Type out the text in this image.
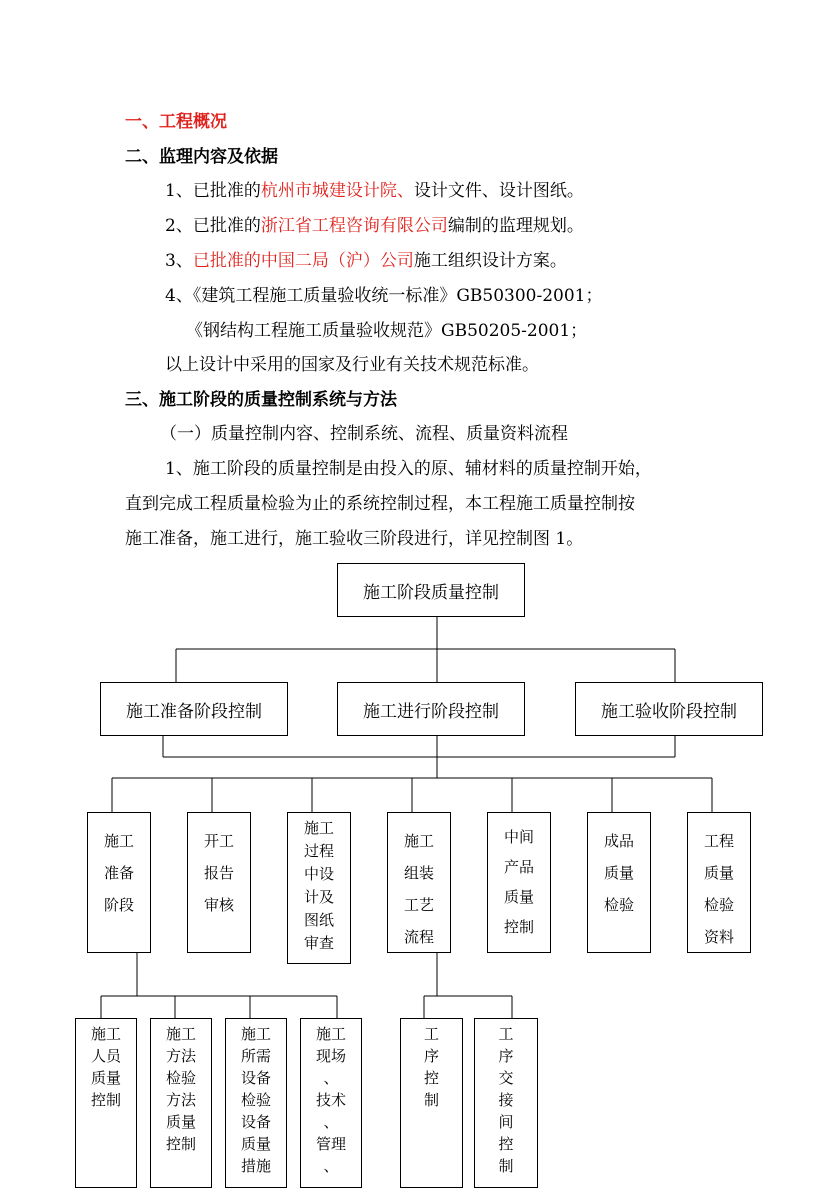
一、工程概况
二、监理内容及依据
1、已批准的杭州市城建设计院、设计文件、设计图纸。
2、已批准的浙江省工程咨询有限公司编制的监理规划。
3、已批准的中国二局（沪）公司施工组织设计方案。
4、《建筑工程施工质量验收统一标准》GB50300-2001；
《钢结构工程施工质量验收规范》GB50205-2001；
以上设计中采用的国家及行业有关技术规范标准。
三、施工阶段的质量控制系统与方法
（一）质量控制内容、控制系统、流程、质量资料流程
1、施工阶段的质量控制是由投入的原、辅材料的质量控制开始，
直到完成工程质量检验为止的系统控制过程，本工程施工质量控制按
施工准备，施工进行，施工验收三阶段进行，详见控制图 1。
施工阶段质量控制
施工准备阶段控制	施工进行阶段控制	施工验收阶段控制
施工
准备
阶段
开工
报告
审核
施工
过程
中设
计及
图纸
审查
施工
组装
工艺
流程
中间
产品
质量
控制
成品
质量
检验
工程
质量
检验
资料
施工
人员
质量
控制
施工
方法
检验
方法
质量
控制
施工
所需
设备
检验
设备
质量
措施
施工
现场
、
技术
、
管理
、
工
序
控
制
工
序
交
接
间
控
制
